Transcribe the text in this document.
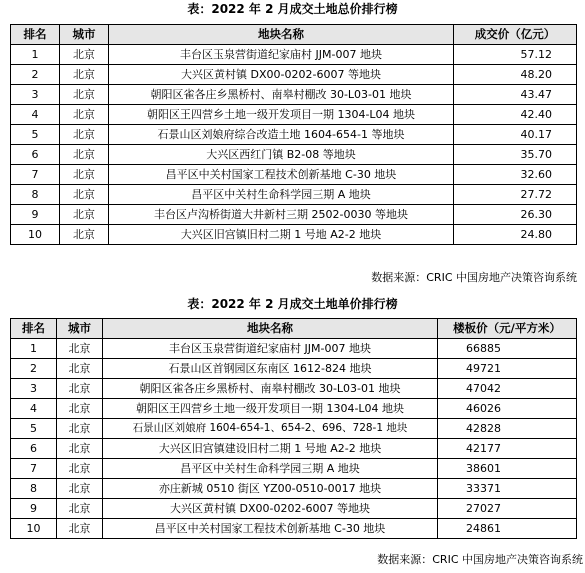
表：2022 年 2 月成交土地总价排行榜
排名	城市	地块名称	成交价（亿元）
1	北京	丰台区玉泉营街道纪家庙村 JJM-007 地块	57.12
2	北京	大兴区黄村镇 DX00-0202-6007 等地块	48.20
3	北京	朝阳区雀各庄乡黑桥村、南皋村棚改 30-L03-01 地块	43.47
4	北京	朝阳区王四营乡土地一级开发项目一期 1304-L04 地块	42.40
5	北京	石景山区刘娘府综合改造土地 1604-654-1 等地块	40.17
6	北京	大兴区西红门镇 B2-08 等地块	35.70
7	北京	昌平区中关村国家工程技术创新基地 C-30 地块	32.60
8	北京	昌平区中关村生命科学园三期 A 地块	27.72
9	北京	丰台区卢沟桥街道大井新村三期 2502-0030 等地块	26.30
10	北京	大兴区旧宫镇旧村二期 1 号地 A2-2 地块	24.80
数据来源：CRIC 中国房地产决策咨询系统
表：2022 年 2 月成交土地单价排行榜
排名	城市	地块名称	楼板价（元/平方米）
1	北京	丰台区玉泉营街道纪家庙村 JJM-007 地块	66885
2	北京	石景山区首钢园区东南区 1612-824 地块	49721
3	北京	朝阳区雀各庄乡黑桥村、南皋村棚改 30-L03-01 地块	47042
4	北京	朝阳区王四营乡土地一级开发项目一期 1304-L04 地块	46026
5	北京	石景山区刘娘府 1604-654-1、654-2、696、728-1 地块	42828
6	北京	大兴区旧宫镇建设旧村二期 1 号地 A2-2 地块	42177
7	北京	昌平区中关村生命科学园三期 A 地块	38601
8	北京	亦庄新城 0510 街区 YZ00-0510-0017 地块	33371
9	北京	大兴区黄村镇 DX00-0202-6007 等地块	27027
10	北京	昌平区中关村国家工程技术创新基地 C-30 地块	24861
数据来源：CRIC 中国房地产决策咨询系统
